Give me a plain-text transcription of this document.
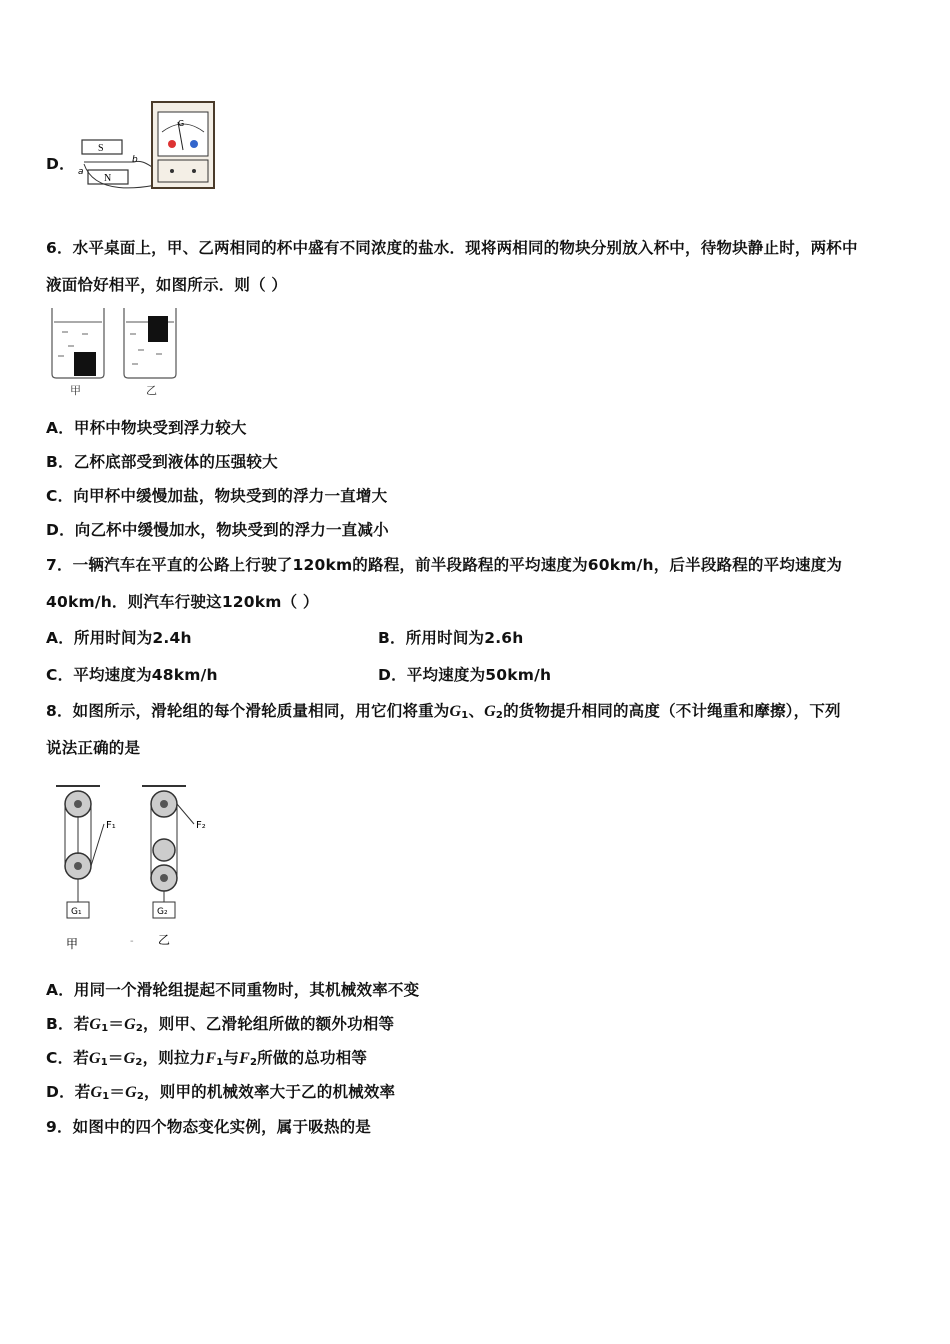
D．
S
N
a
b
G
6．水平桌面上，甲、乙两相同的杯中盛有不同浓度的盐水．现将两相同的物块分别放入杯中，待物块静止时，两杯中
液面恰好相平，如图所示．则（ ）
甲	乙
A．甲杯中物块受到浮力较大
B．乙杯底部受到液体的压强较大
C．向甲杯中缓慢加盐，物块受到的浮力一直增大
D．向乙杯中缓慢加水，物块受到的浮力一直减小
7．一辆汽车在平直的公路上行驶了120km的路程，前半段路程的平均速度为60km/h，后半段路程的平均速度为
40km/h．则汽车行驶这120km（ ）
A．所用时间为2.4h	B．所用时间为2.6h
C．平均速度为48km/h	D．平均速度为50km/h
8．如图所示，滑轮组的每个滑轮质量相同，用它们将重为$G_1$、$G_2$的货物提升相同的高度（不计绳重和摩擦），下列
说法正确的是
F₁
G₁
甲	-
F₂
G₂
乙
A．用同一个滑轮组提起不同重物时，其机械效率不变
B．若$G_1=G_2$，则甲、乙滑轮组所做的额外功相等
C．若$G_1=G_2$，则拉力$F_1$与$F_2$所做的总功相等
D．若$G_1=G_2$，则甲的机械效率大于乙的机械效率
9．如图中的四个物态变化实例，属于吸热的是
